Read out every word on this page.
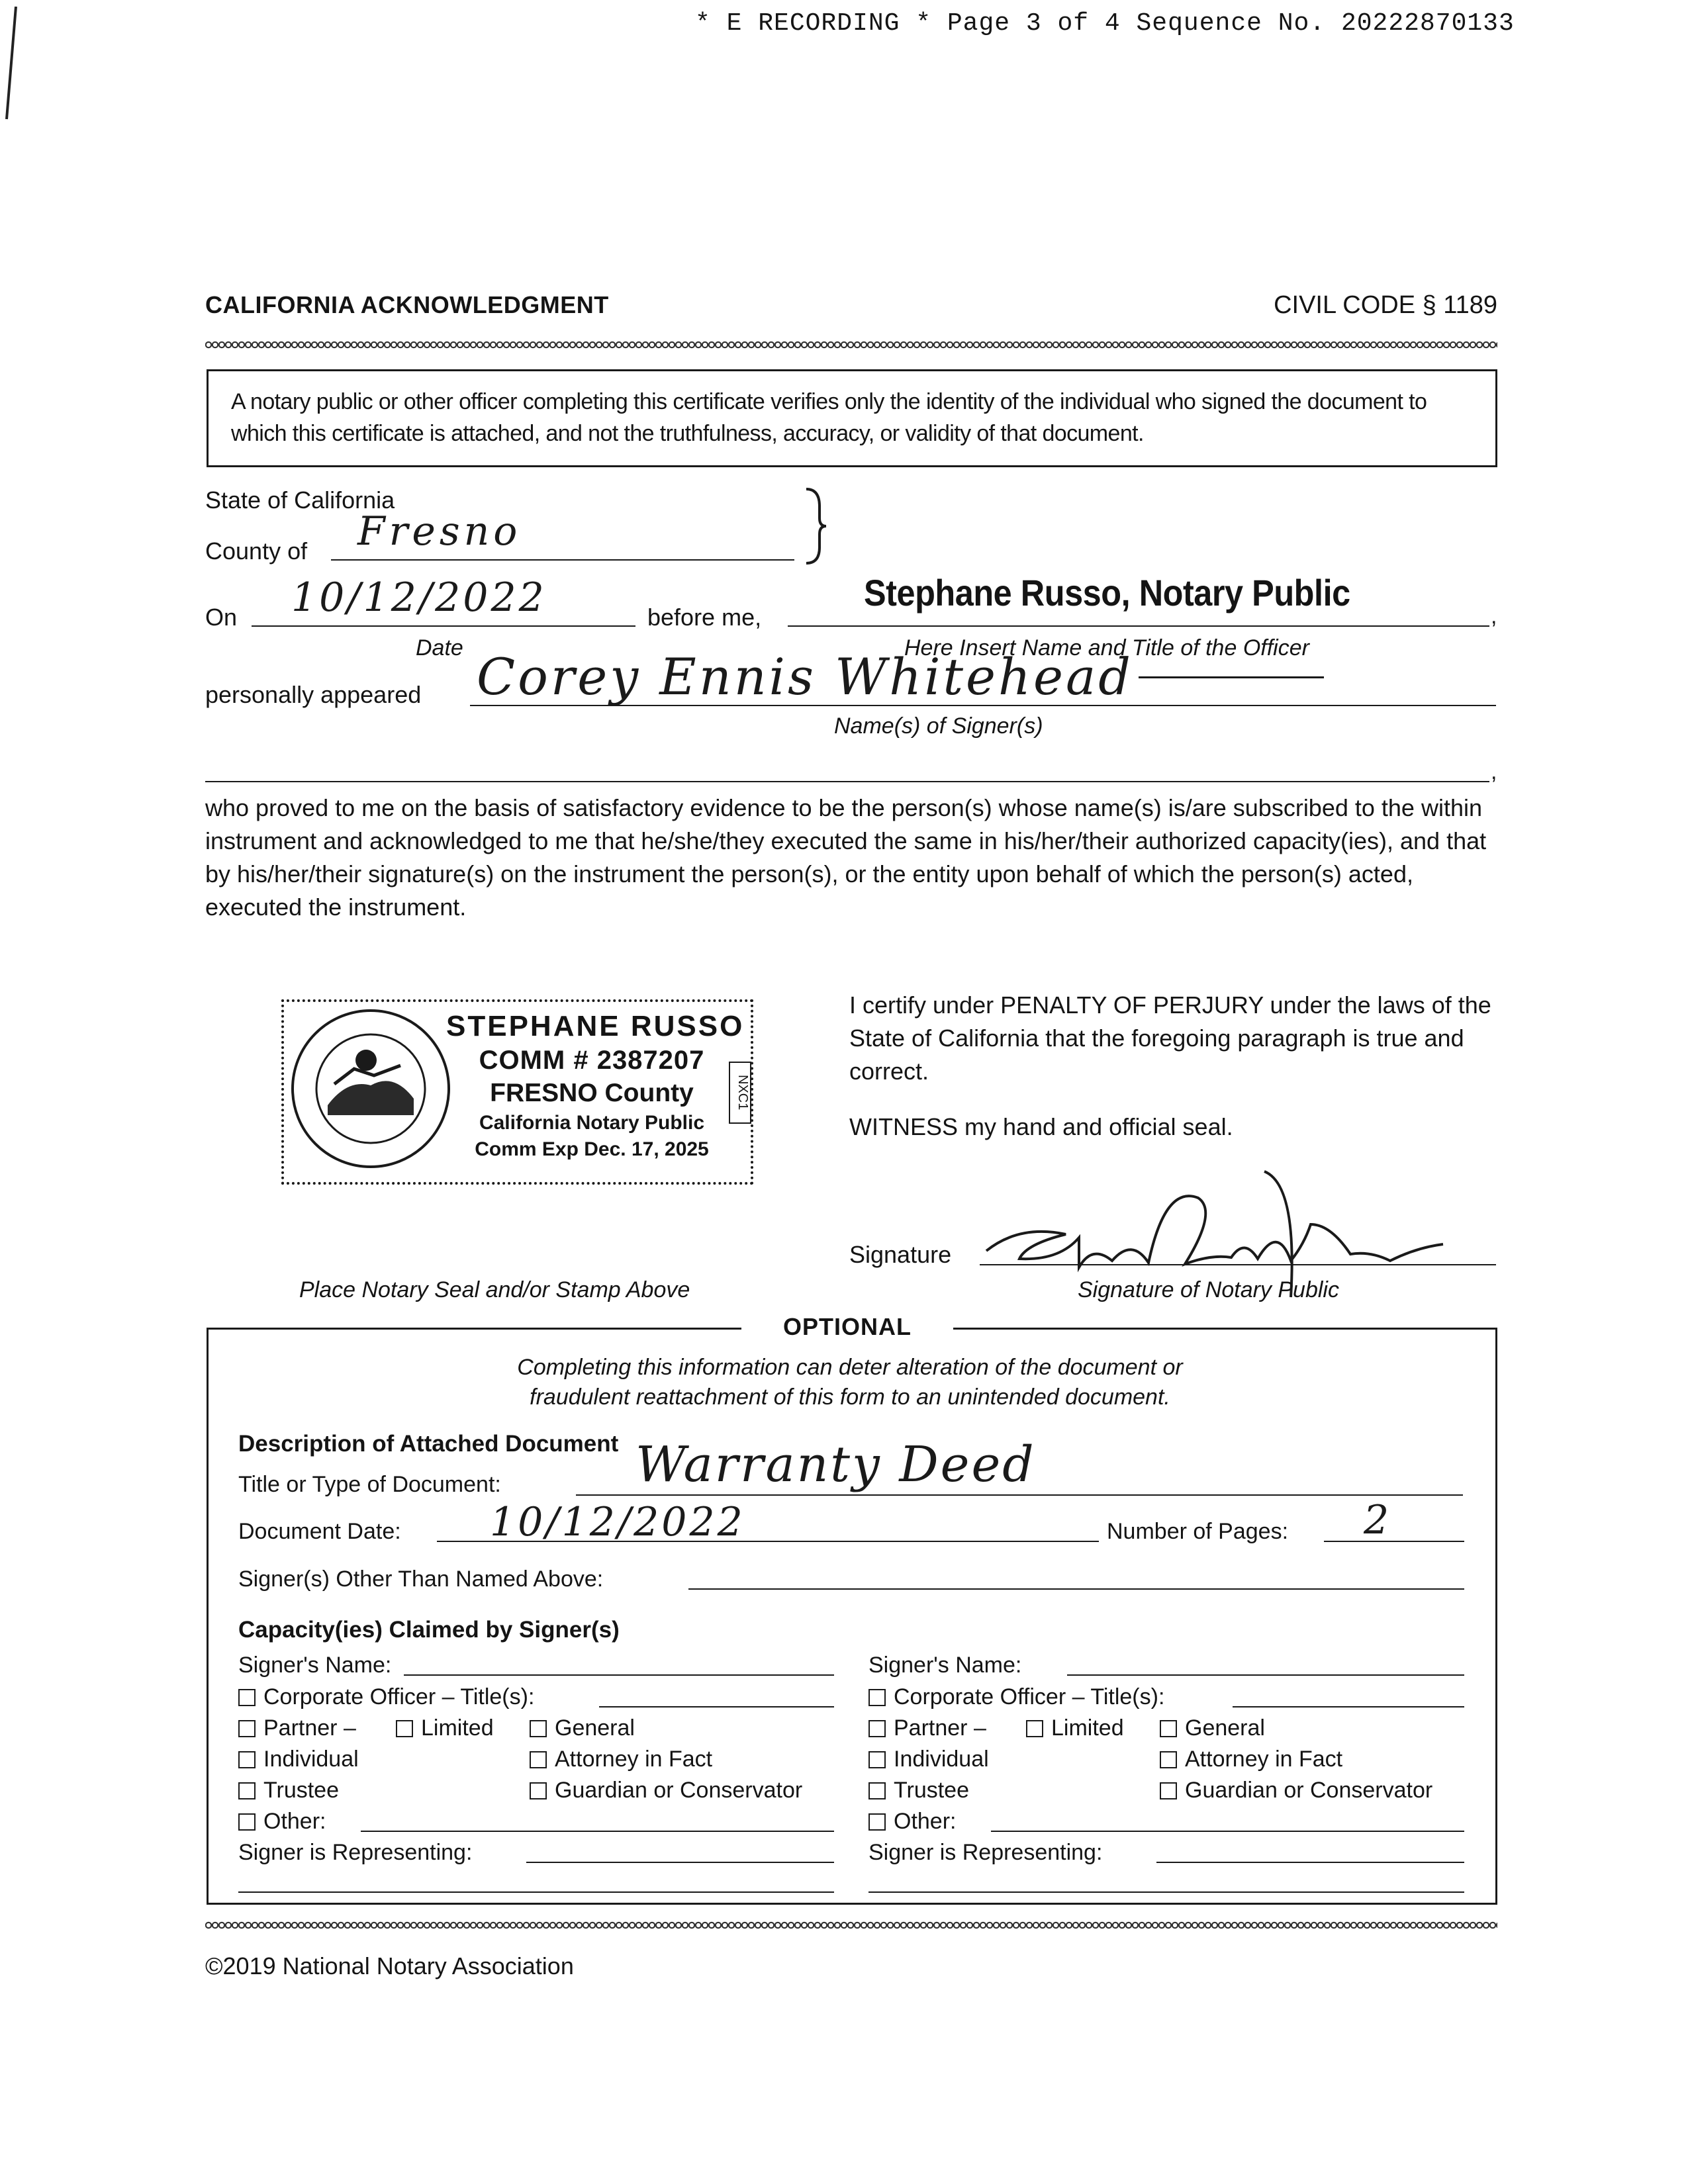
* E RECORDING * Page 3 of 4 Sequence No. 20222870133
CALIFORNIA ACKNOWLEDGMENT	CIVIL CODE § 1189
A notary public or other officer completing this certificate verifies only the identity of the individual who signed the document to which this certificate is attached, and not the truthfulness, accuracy, or validity of that document.
State of California
County of Fresno
On 10/12/2022
Date
before me,	,
Stephane Russo, Notary Public
Here Insert Name and Title of the Officer
personally appeared Corey Ennis Whitehead
Name(s) of Signer(s)
,
who proved to me on the basis of satisfactory evidence to be the person(s) whose name(s) is/are subscribed to the within instrument and acknowledged to me that he/she/they executed the same in his/her/their authorized capacity(ies), and that by his/her/their signature(s) on the instrument the person(s), or the entity upon behalf of which the person(s) acted, executed the instrument.
STEPHANE RUSSO
COMM # 2387207
FRESNO County
California Notary Public
Comm Exp Dec. 17, 2025
NXC1
Place Notary Seal and/or Stamp Above
I certify under PENALTY OF PERJURY under the laws of the State of California that the foregoing paragraph is true and correct.
WITNESS my hand and official seal.
Signature
Signature of Notary Public
OPTIONAL
Completing this information can deter alteration of the document or
fraudulent reattachment of this form to an unintended document.
Description of Attached Document
Title or Type of Document:	Warranty Deed
Document Date: 10/12/2022	Number of Pages: 2
Signer(s) Other Than Named Above:
Capacity(ies) Claimed by Signer(s)
Signer's Name:
Corporate Officer – Title(s):
Partner –	Limited	General
Individual	Attorney in Fact
Trustee	Guardian or Conservator
Other:
Signer is Representing:
Signer's Name:
Corporate Officer – Title(s):
Partner –	Limited	General
Individual	Attorney in Fact
Trustee	Guardian or Conservator
Other:
Signer is Representing:
©2019 National Notary Association
